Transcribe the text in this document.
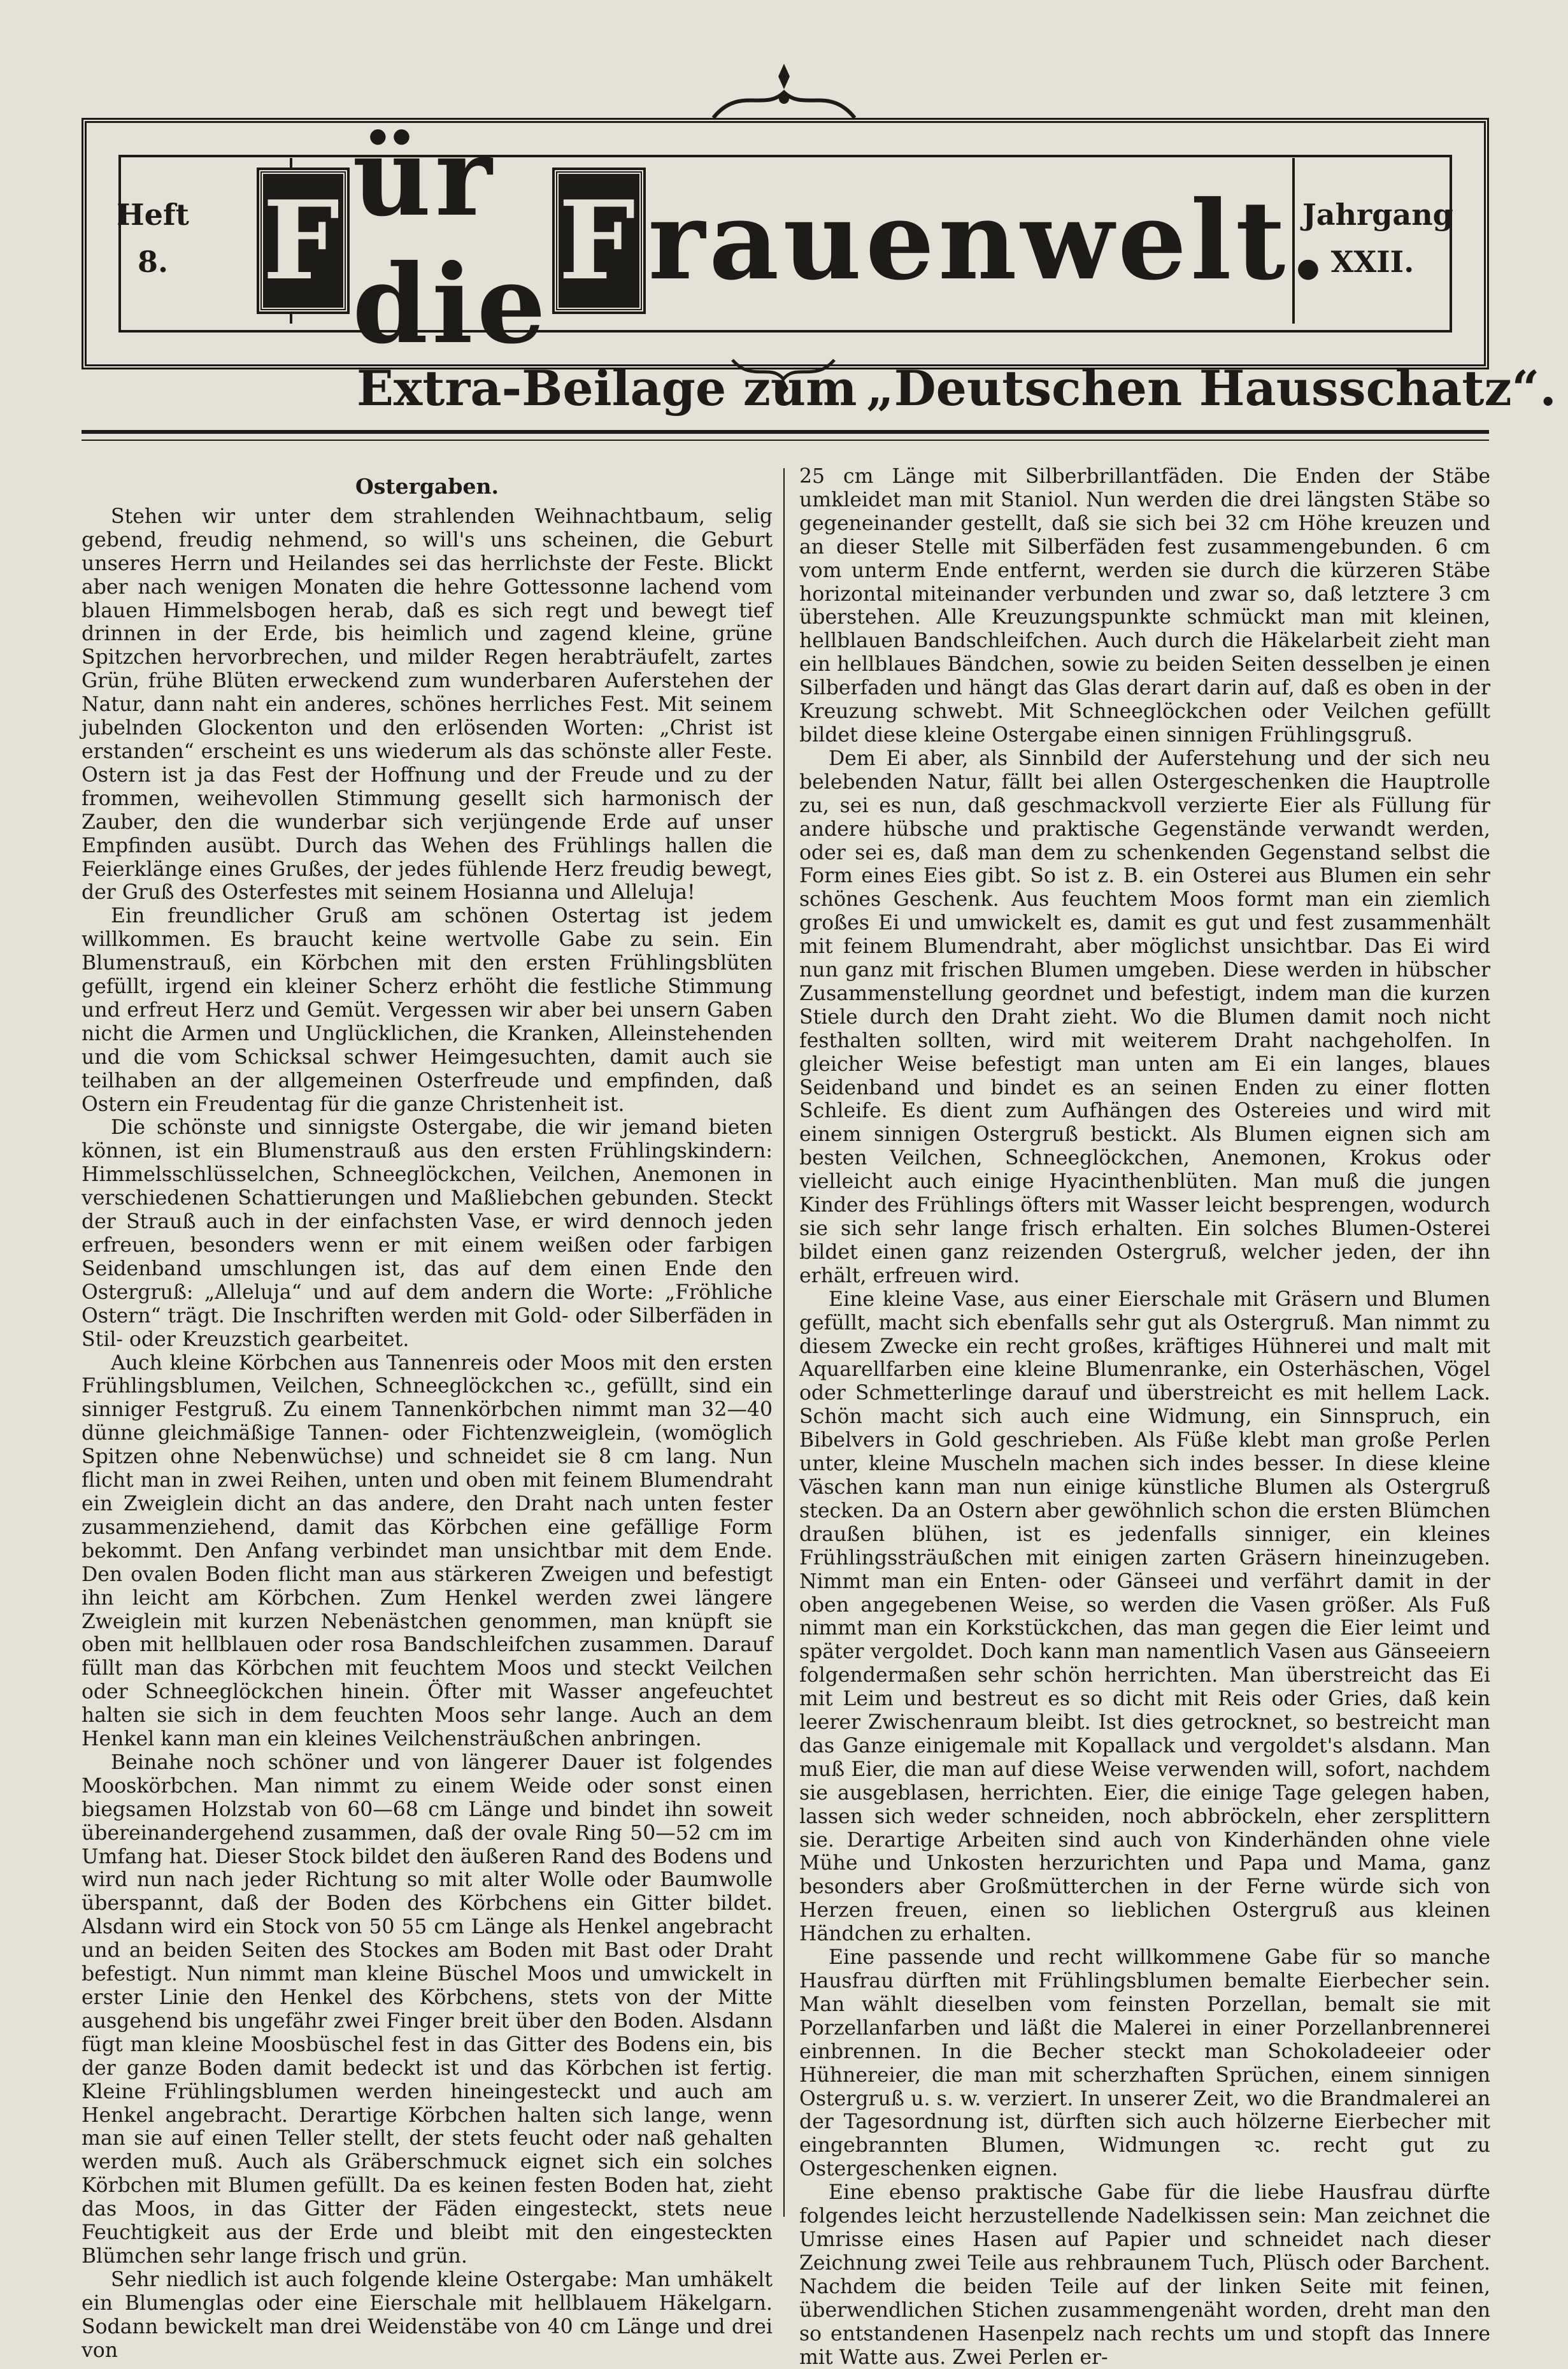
Heft
8. F ür die F rauenwelt.
Jahrgang
XXII.
Extra-Beilage zum „Deutschen Hausschatz“.
Ostergaben.

Stehen wir unter dem strahlenden Weihnachtbaum, selig gebend, freudig nehmend, so will's uns scheinen, die Geburt unseres Herrn und Heilandes sei das herrlichste der Feste. Blickt aber nach wenigen Monaten die hehre Gottessonne lachend vom blauen Himmelsbogen herab, daß es sich regt und bewegt tief drinnen in der Erde, bis heimlich und zagend kleine, grüne Spitzchen hervorbrechen, und milder Regen herabträufelt, zartes Grün, frühe Blüten erweckend zum wunderbaren Auferstehen der Natur, dann naht ein anderes, schönes herrliches Fest. Mit seinem jubelnden Glockenton und den erlösenden Worten: „Christ ist erstanden“ erscheint es uns wiederum als das schönste aller Feste. Ostern ist ja das Fest der Hoffnung und der Freude und zu der frommen, weihevollen Stimmung gesellt sich harmonisch der Zauber, den die wunderbar sich verjüngende Erde auf unser Empfinden ausübt. Durch das Wehen des Frühlings hallen die Feierklänge eines Grußes, der jedes fühlende Herz freudig bewegt, der Gruß des Osterfestes mit seinem Hosianna und Alleluja!

Ein freundlicher Gruß am schönen Ostertag ist jedem willkommen. Es braucht keine wertvolle Gabe zu sein. Ein Blumenstrauß, ein Körbchen mit den ersten Frühlingsblüten gefüllt, irgend ein kleiner Scherz erhöht die festliche Stimmung und erfreut Herz und Gemüt. Vergessen wir aber bei unsern Gaben nicht die Armen und Unglücklichen, die Kranken, Alleinstehenden und die vom Schicksal schwer Heimgesuchten, damit auch sie teilhaben an der allgemeinen Osterfreude und empfinden, daß Ostern ein Freudentag für die ganze Christenheit ist.

Die schönste und sinnigste Ostergabe, die wir jemand bieten können, ist ein Blumenstrauß aus den ersten Frühlingskindern: Himmelsschlüsselchen, Schneeglöckchen, Veilchen, Anemonen in verschiedenen Schattierungen und Maßliebchen gebunden. Steckt der Strauß auch in der einfachsten Vase, er wird dennoch jeden erfreuen, besonders wenn er mit einem weißen oder farbigen Seidenband umschlungen ist, das auf dem einen Ende den Ostergruß: „Alleluja“ und auf dem andern die Worte: „Fröhliche Ostern“ trägt. Die Inschriften werden mit Gold- oder Silberfäden in Stil- oder Kreuzstich gearbeitet.

Auch kleine Körbchen aus Tannenreis oder Moos mit den ersten Frühlingsblumen, Veilchen, Schneeglöckchen ꝛc., gefüllt, sind ein sinniger Festgruß. Zu einem Tannenkörbchen nimmt man 32—40 dünne gleichmäßige Tannen- oder Fichtenzweiglein, (womöglich Spitzen ohne Nebenwüchse) und schneidet sie 8 cm lang. Nun flicht man in zwei Reihen, unten und oben mit feinem Blumendraht ein Zweiglein dicht an das andere, den Draht nach unten fester zusammenziehend, damit das Körbchen eine gefällige Form bekommt. Den Anfang verbindet man unsichtbar mit dem Ende. Den ovalen Boden flicht man aus stärkeren Zweigen und befestigt ihn leicht am Körbchen. Zum Henkel werden zwei längere Zweiglein mit kurzen Nebenästchen genommen, man knüpft sie oben mit hellblauen oder rosa Bandschleifchen zusammen. Darauf füllt man das Körbchen mit feuchtem Moos und steckt Veilchen oder Schneeglöckchen hinein. Öfter mit Wasser angefeuchtet halten sie sich in dem feuchten Moos sehr lange. Auch an dem Henkel kann man ein kleines Veilchensträußchen anbringen.

Beinahe noch schöner und von längerer Dauer ist folgendes Mooskörbchen. Man nimmt zu einem Weide oder sonst einen biegsamen Holzstab von 60—68 cm Länge und bindet ihn soweit übereinandergehend zusammen, daß der ovale Ring 50—52 cm im Umfang hat. Dieser Stock bildet den äußeren Rand des Bodens und wird nun nach jeder Richtung so mit alter Wolle oder Baumwolle überspannt, daß der Boden des Körbchens ein Gitter bildet. Alsdann wird ein Stock von 50 55 cm Länge als Henkel angebracht und an beiden Seiten des Stockes am Boden mit Bast oder Draht befestigt. Nun nimmt man kleine Büschel Moos und umwickelt in erster Linie den Henkel des Körbchens, stets von der Mitte ausgehend bis ungefähr zwei Finger breit über den Boden. Alsdann fügt man kleine Moosbüschel fest in das Gitter des Bodens ein, bis der ganze Boden damit bedeckt ist und das Körbchen ist fertig. Kleine Frühlingsblumen werden hineingesteckt und auch am Henkel angebracht. Derartige Körbchen halten sich lange, wenn man sie auf einen Teller stellt, der stets feucht oder naß gehalten werden muß. Auch als Gräberschmuck eignet sich ein solches Körbchen mit Blumen gefüllt. Da es keinen festen Boden hat, zieht das Moos, in das Gitter der Fäden eingesteckt, stets neue Feuchtigkeit aus der Erde und bleibt mit den eingesteckten Blümchen sehr lange frisch und grün.

Sehr niedlich ist auch folgende kleine Ostergabe: Man umhäkelt ein Blumenglas oder eine Eierschale mit hellblauem Häkelgarn. Sodann bewickelt man drei Weidenstäbe von 40 cm Länge und drei von

25 cm Länge mit Silberbrillantfäden. Die Enden der Stäbe umkleidet man mit Staniol. Nun werden die drei längsten Stäbe so gegeneinander gestellt, daß sie sich bei 32 cm Höhe kreuzen und an dieser Stelle mit Silberfäden fest zusammengebunden. 6 cm vom unterm Ende entfernt, werden sie durch die kürzeren Stäbe horizontal miteinander verbunden und zwar so, daß letztere 3 cm überstehen. Alle Kreuzungspunkte schmückt man mit kleinen, hellblauen Bandschleifchen. Auch durch die Häkelarbeit zieht man ein hellblaues Bändchen, sowie zu beiden Seiten desselben je einen Silberfaden und hängt das Glas derart darin auf, daß es oben in der Kreuzung schwebt. Mit Schneeglöckchen oder Veilchen gefüllt bildet diese kleine Ostergabe einen sinnigen Frühlingsgruß.

Dem Ei aber, als Sinnbild der Auferstehung und der sich neu belebenden Natur, fällt bei allen Ostergeschenken die Hauptrolle zu, sei es nun, daß geschmackvoll verzierte Eier als Füllung für andere hübsche und praktische Gegenstände verwandt werden, oder sei es, daß man dem zu schenkenden Gegenstand selbst die Form eines Eies gibt. So ist z. B. ein Osterei aus Blumen ein sehr schönes Geschenk. Aus feuchtem Moos formt man ein ziemlich großes Ei und umwickelt es, damit es gut und fest zusammenhält mit feinem Blumendraht, aber möglichst unsichtbar. Das Ei wird nun ganz mit frischen Blumen umgeben. Diese werden in hübscher Zusammenstellung geordnet und befestigt, indem man die kurzen Stiele durch den Draht zieht. Wo die Blumen damit noch nicht festhalten sollten, wird mit weiterem Draht nachgeholfen. In gleicher Weise befestigt man unten am Ei ein langes, blaues Seidenband und bindet es an seinen Enden zu einer flotten Schleife. Es dient zum Aufhängen des Ostereies und wird mit einem sinnigen Ostergruß bestickt. Als Blumen eignen sich am besten Veilchen, Schneeglöckchen, Anemonen, Krokus oder vielleicht auch einige Hyacinthenblüten. Man muß die jungen Kinder des Frühlings öfters mit Wasser leicht besprengen, wodurch sie sich sehr lange frisch erhalten. Ein solches Blumen-Osterei bildet einen ganz reizenden Ostergruß, welcher jeden, der ihn erhält, erfreuen wird.

Eine kleine Vase, aus einer Eierschale mit Gräsern und Blumen gefüllt, macht sich ebenfalls sehr gut als Ostergruß. Man nimmt zu diesem Zwecke ein recht großes, kräftiges Hühnerei und malt mit Aquarellfarben eine kleine Blumenranke, ein Osterhäschen, Vögel oder Schmetterlinge darauf und überstreicht es mit hellem Lack. Schön macht sich auch eine Widmung, ein Sinnspruch, ein Bibelvers in Gold geschrieben. Als Füße klebt man große Perlen unter, kleine Muscheln machen sich indes besser. In diese kleine Väschen kann man nun einige künstliche Blumen als Ostergruß stecken. Da an Ostern aber gewöhnlich schon die ersten Blümchen draußen blühen, ist es jedenfalls sinniger, ein kleines Frühlingssträußchen mit einigen zarten Gräsern hineinzugeben. Nimmt man ein Enten- oder Gänseei und verfährt damit in der oben angegebenen Weise, so werden die Vasen größer. Als Fuß nimmt man ein Korkstückchen, das man gegen die Eier leimt und später vergoldet. Doch kann man namentlich Vasen aus Gänseeiern folgendermaßen sehr schön herrichten. Man überstreicht das Ei mit Leim und bestreut es so dicht mit Reis oder Gries, daß kein leerer Zwischenraum bleibt. Ist dies getrocknet, so bestreicht man das Ganze einigemale mit Kopallack und vergoldet's alsdann. Man muß Eier, die man auf diese Weise verwenden will, sofort, nachdem sie ausgeblasen, herrichten. Eier, die einige Tage gelegen haben, lassen sich weder schneiden, noch abbröckeln, eher zersplittern sie. Derartige Arbeiten sind auch von Kinderhänden ohne viele Mühe und Unkosten herzurichten und Papa und Mama, ganz besonders aber Großmütterchen in der Ferne würde sich von Herzen freuen, einen so lieblichen Ostergruß aus kleinen Händchen zu erhalten.

Eine passende und recht willkommene Gabe für so manche Hausfrau dürften mit Frühlingsblumen bemalte Eierbecher sein. Man wählt dieselben vom feinsten Porzellan, bemalt sie mit Porzellanfarben und läßt die Malerei in einer Porzellanbrennerei einbrennen. In die Becher steckt man Schokoladeeier oder Hühnereier, die man mit scherzhaften Sprüchen, einem sinnigen Ostergruß u. s. w. verziert. In unserer Zeit, wo die Brandmalerei an der Tagesordnung ist, dürften sich auch hölzerne Eierbecher mit eingebrannten Blumen, Widmungen ꝛc. recht gut zu Ostergeschenken eignen.

Eine ebenso praktische Gabe für die liebe Hausfrau dürfte folgendes leicht herzustellende Nadelkissen sein: Man zeichnet die Umrisse eines Hasen auf Papier und schneidet nach dieser Zeichnung zwei Teile aus rehbraunem Tuch, Plüsch oder Barchent. Nachdem die beiden Teile auf der linken Seite mit feinen, überwendlichen Stichen zusammengenäht worden, dreht man den so entstandenen Hasenpelz nach rechts um und stopft das Innere mit Watte aus. Zwei Perlen er-
